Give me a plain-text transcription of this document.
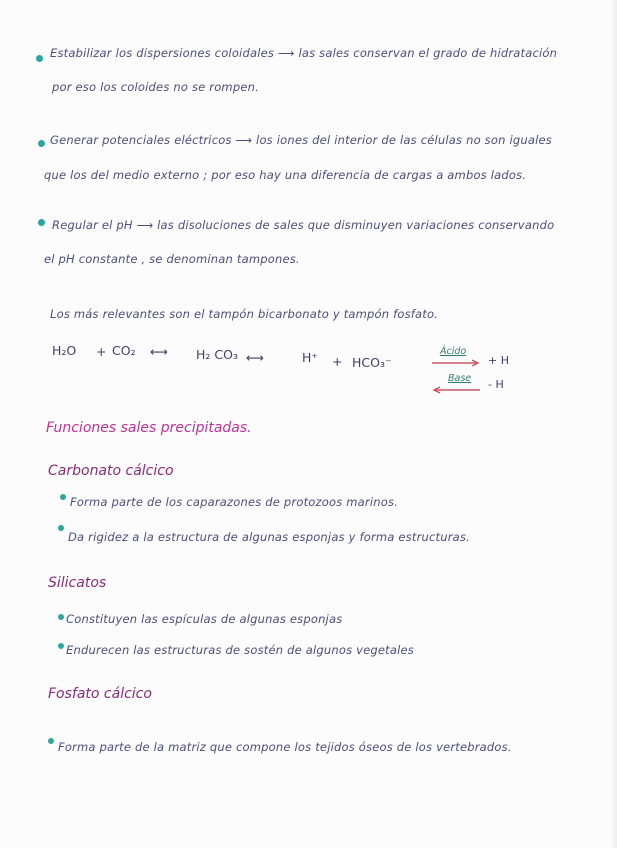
Estabilizar los dispersiones coloidales ⟶ las sales conservan el grado de hidratación
por eso los coloides no se rompen.
Generar potenciales eléctricos ⟶ los iones del interior de las células no son iguales
que los del medio externo ; por eso hay una diferencia de cargas a ambos lados.
Regular el pH ⟶ las disoluciones de sales que disminuyen variaciones conservando
el pH constante , se denominan tampones.
Los más relevantes son el tampón bicarbonato y tampón fosfato.
H₂O + CO₂ ⟷ H₂ CO₃ ⟷	H⁺ + HCO₃⁻
Ácido
+ H
Base - H
Funciones sales precipitadas.
Carbonato cálcico
Forma parte de los caparazones de protozoos marinos.
Da rigidez a la estructura de algunas esponjas y forma estructuras.
Silicatos
Constituyen las espículas de algunas esponjas
Endurecen las estructuras de sostén de algunos vegetales
Fosfato cálcico
Forma parte de la matriz que compone los tejidos óseos de los vertebrados.
